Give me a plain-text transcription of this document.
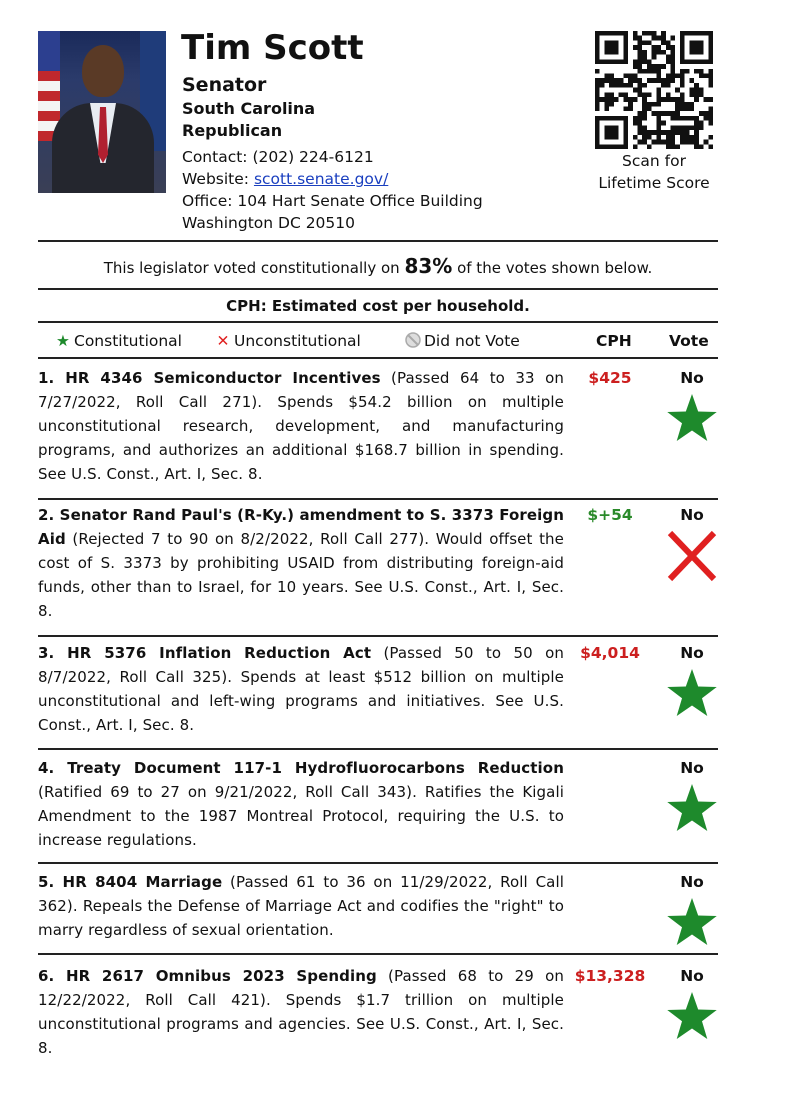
Tim Scott
Senator
South Carolina
Republican
Contact: (202) 224-6121
Website: scott.senate.gov/
Office: 104 Hart Senate Office Building
Washington DC 20510
Scan for
Lifetime Score
This legislator voted constitutionally on 83% of the votes shown below.
CPH: Estimated cost per household.
★ Constitutional ✕ Unconstitutional	Did not Vote	CPH Vote
1. HR 4346 Semiconductor Incentives (Passed 64 to 33 on 7/27/2022, Roll Call 271). Spends $54.2 billion on multiple unconstitutional research, development, and manufacturing programs, and authorizes an additional $168.7 billion in spending. See U.S. Const., Art. I, Sec. 8.
$425	No
2. Senator Rand Paul's (R-Ky.) amendment to S. 3373 Foreign Aid (Rejected 7 to 90 on 8/2/2022, Roll Call 277). Would offset the cost of S. 3373 by prohibiting USAID from distributing foreign-aid funds, other than to Israel, for 10 years. See U.S. Const., Art. I, Sec. 8.
$+54	No
3. HR 5376 Inflation Reduction Act (Passed 50 to 50 on 8/7/2022, Roll Call 325). Spends at least $512 billion on multiple unconstitutional and left-wing programs and initiatives. See U.S. Const., Art. I, Sec. 8.
$4,014	No
4. Treaty Document 117-1 Hydrofluorocarbons Reduction (Ratified 69 to 27 on 9/21/2022, Roll Call 343). Ratifies the Kigali Amendment to the 1987 Montreal Protocol, requiring the U.S. to increase regulations.
No
5. HR 8404 Marriage (Passed 61 to 36 on 11/29/2022, Roll Call 362). Repeals the Defense of Marriage Act and codifies the "right" to marry regardless of sexual orientation.
No
6. HR 2617 Omnibus 2023 Spending (Passed 68 to 29 on 12/22/2022, Roll Call 421). Spends $1.7 trillion on multiple unconstitutional programs and agencies. See U.S. Const., Art. I, Sec. 8.
$13,328	No
